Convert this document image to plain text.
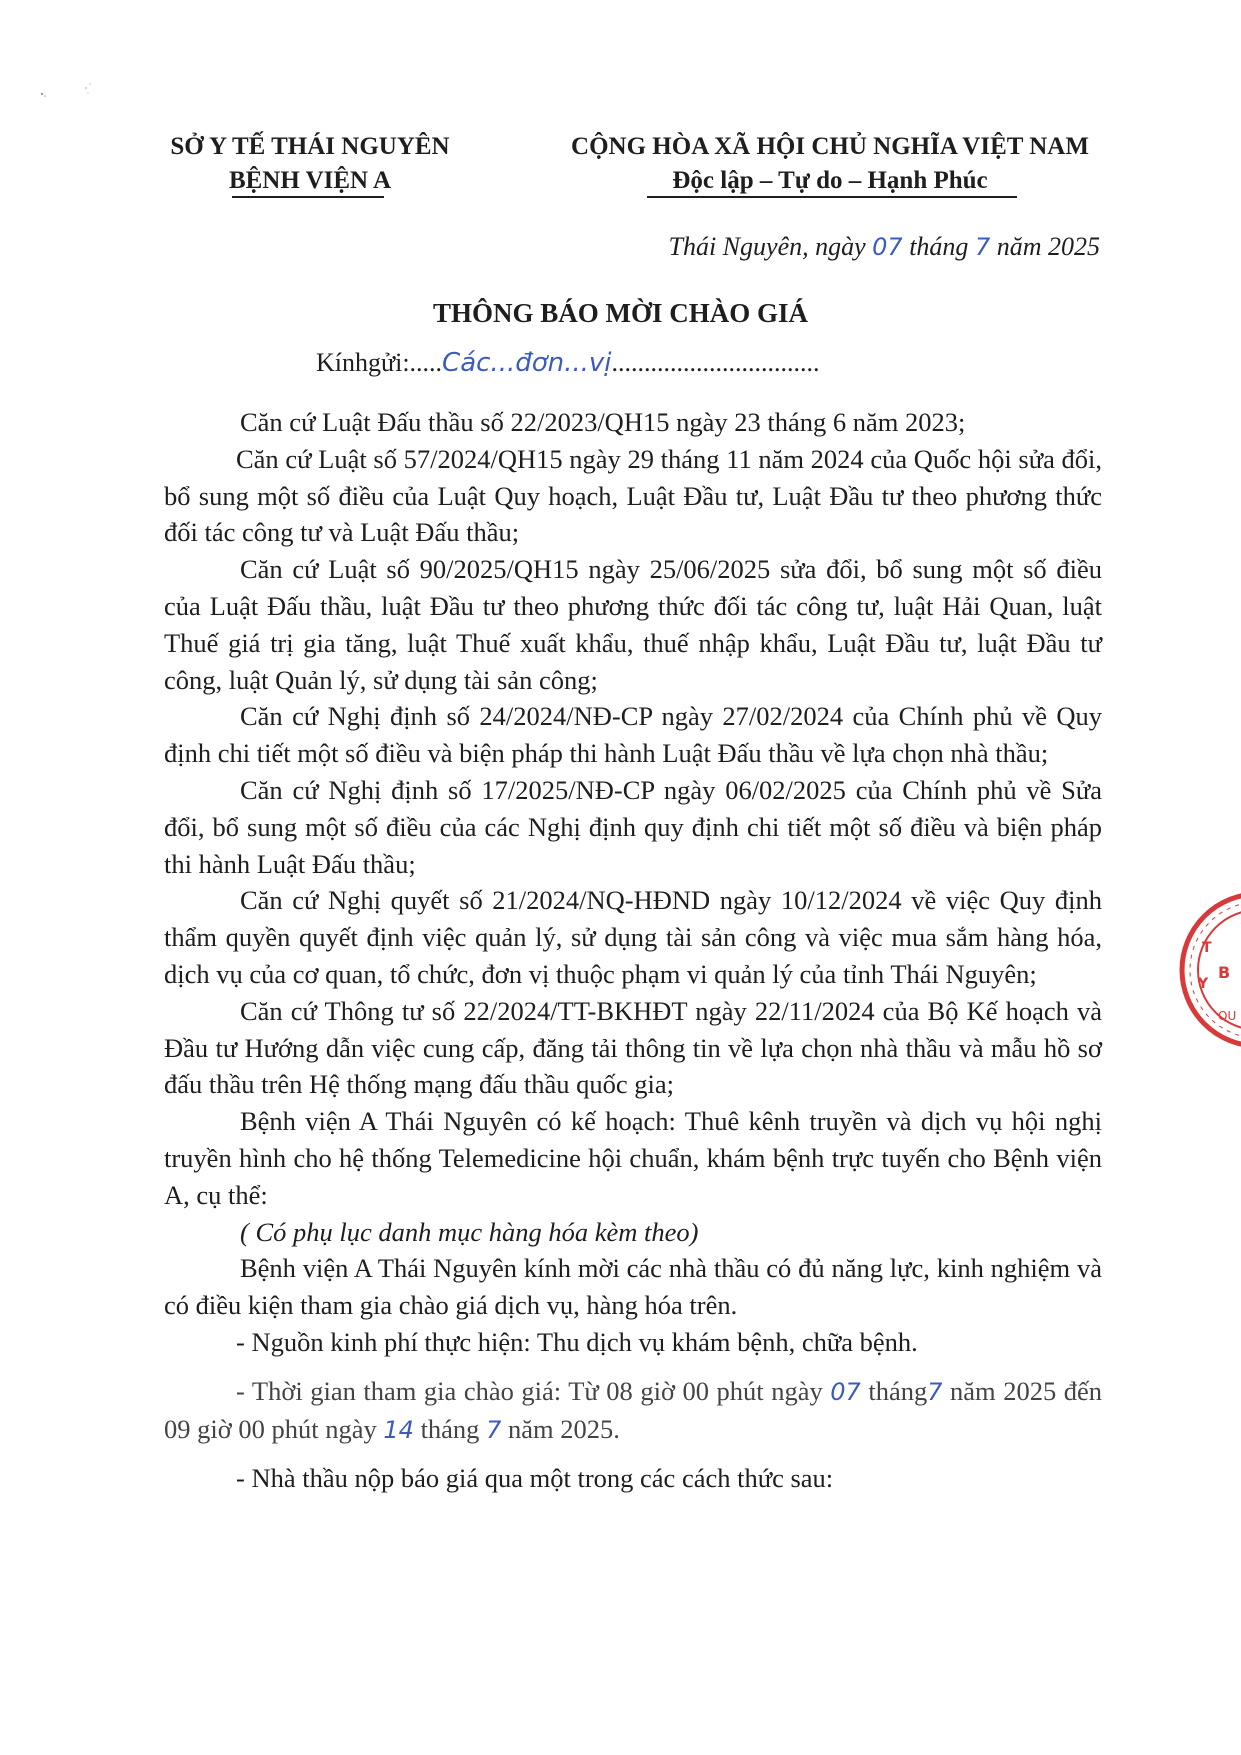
SỞ Y TẾ THÁI NGUYÊN
BỆNH VIỆN A
CỘNG HÒA XÃ HỘI CHỦ NGHĨA VIỆT NAM
Độc lập – Tự do – Hạnh Phúc
Thái Nguyên, ngày 07 tháng 7 năm 2025
THÔNG BÁO MỜI CHÀO GIÁ
Kínhgửi:.....Các...đơn...vị................................

Căn cứ Luật Đấu thầu số 22/2023/QH15 ngày 23 tháng 6 năm 2023;

Căn cứ Luật số 57/2024/QH15 ngày 29 tháng 11 năm 2024 của Quốc hội sửa đổi, bổ sung một số điều của Luật Quy hoạch, Luật Đầu tư, Luật Đầu tư theo phương thức đối tác công tư và Luật Đấu thầu;

Căn cứ Luật số 90/2025/QH15 ngày 25/06/2025 sửa đổi, bổ sung một số điều của Luật Đấu thầu, luật Đầu tư theo phương thức đối tác công tư, luật Hải Quan, luật Thuế giá trị gia tăng, luật Thuế xuất khẩu, thuế nhập khẩu, Luật Đầu tư, luật Đầu tư công, luật Quản lý, sử dụng tài sản công;

Căn cứ Nghị định số 24/2024/NĐ-CP ngày 27/02/2024 của Chính phủ về Quy định chi tiết một số điều và biện pháp thi hành Luật Đấu thầu về lựa chọn nhà thầu;

Căn cứ Nghị định số 17/2025/NĐ-CP ngày 06/02/2025 của Chính phủ về Sửa đổi, bổ sung một số điều của các Nghị định quy định chi tiết một số điều và biện pháp thi hành Luật Đấu thầu;

Căn cứ Nghị quyết số 21/2024/NQ-HĐND ngày 10/12/2024 về việc Quy định thẩm quyền quyết định việc quản lý, sử dụng tài sản công và việc mua sắm hàng hóa, dịch vụ của cơ quan, tổ chức, đơn vị thuộc phạm vi quản lý của tỉnh Thái Nguyên;

Căn cứ Thông tư số 22/2024/TT-BKHĐT ngày 22/11/2024 của Bộ Kế hoạch và Đầu tư Hướng dẫn việc cung cấp, đăng tải thông tin về lựa chọn nhà thầu và mẫu hồ sơ đấu thầu trên Hệ thống mạng đấu thầu quốc gia;

Bệnh viện A Thái Nguyên có kế hoạch: Thuê kênh truyền và dịch vụ hội nghị truyền hình cho hệ thống Telemedicine hội chuẩn, khám bệnh trực tuyến cho Bệnh viện A, cụ thể:

( Có phụ lục danh mục hàng hóa kèm theo)

Bệnh viện A Thái Nguyên kính mời các nhà thầu có đủ năng lực, kinh nghiệm và có điều kiện tham gia chào giá dịch vụ, hàng hóa trên.

- Nguồn kinh phí thực hiện: Thu dịch vụ khám bệnh, chữa bệnh.

- Thời gian tham gia chào giá: Từ 08 giờ 00 phút ngày 07 tháng7 năm 2025 đến 09 giờ 00 phút ngày 14 tháng 7 năm 2025.

- Nhà thầu nộp báo giá qua một trong các cách thức sau:

T
Y
B
QU
